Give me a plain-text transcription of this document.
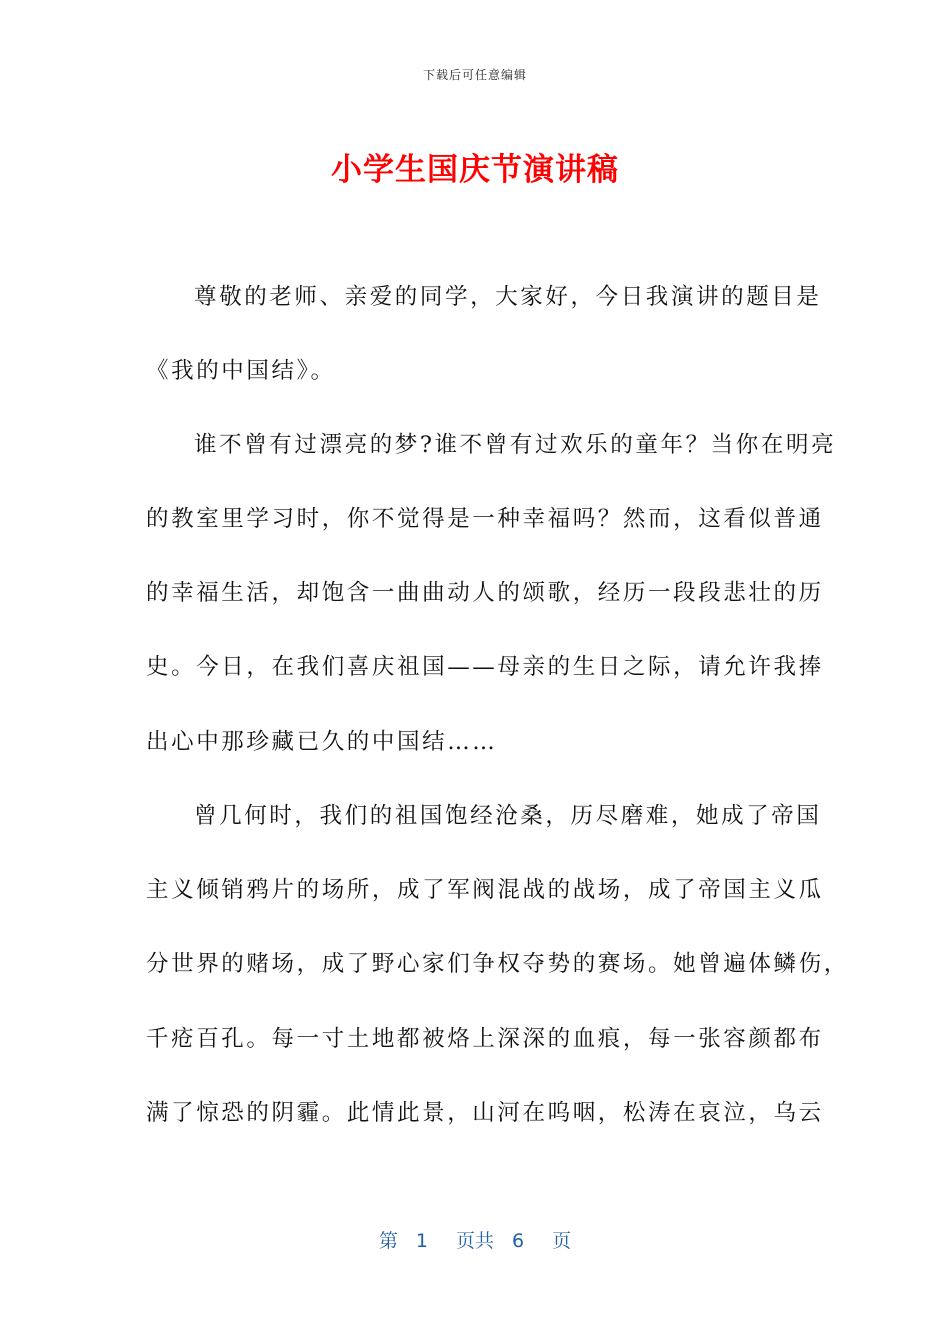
下载后可任意编辑
小学生国庆节演讲稿
尊敬的老师、亲爱的同学，大家好，今日我演讲的题目是
《我的中国结》。
谁不曾有过漂亮的梦?谁不曾有过欢乐的童年？当你在明亮
的教室里学习时，你不觉得是一种幸福吗？然而，这看似普通
的幸福生活，却饱含一曲曲动人的颂歌，经历一段段悲壮的历
史。今日，在我们喜庆祖国——母亲的生日之际，请允许我捧
出心中那珍藏已久的中国结……
曾几何时，我们的祖国饱经沧桑，历尽磨难，她成了帝国
主义倾销鸦片的场所，成了军阀混战的战场，成了帝国主义瓜
分世界的赌场，成了野心家们争权夺势的赛场。她曾遍体鳞伤，
千疮百孔。每一寸土地都被烙上深深的血痕，每一张容颜都布
满了惊恐的阴霾。此情此景，山河在呜咽，松涛在哀泣，乌云
第 1 页共 6 页
